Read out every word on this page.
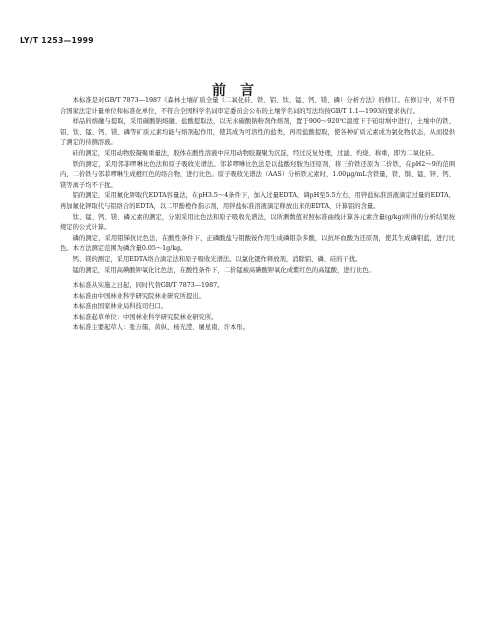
LY/T 1253—1999
前言

本标准是对GB/T 7873—1987《森林土壤矿质全量（二氧化硅、铁、铝、钛、锰、钙、镁、磷）分析方法》的修订。在修订中，对不符合国家法定计量单位和标准化单位，不符合全国科学名词审定委员会公布的土壤学名词的写法均按GB/T 1.1—1993的要求执行。

样品的熔融与提取，采用碳酸钠熔融、盐酸提取法，以无水碳酸钠粉剂作熔剂，置于900～920℃温度下于铂坩埚中进行，土壤中的铁、铝、钛、锰、钙、镁、磷等矿质元素均能与熔剂起作用，使其成为可溶性的盐类，再用盐酸提取，使各种矿质元素成为氯化物状态，从而提供了测定的待测溶液。

硅的测定，采用动物胶凝聚重量法，胶体在酸性溶液中应用动物胶凝聚为沉淀，经过反复处理，过滤、灼烧、称重，即为二氧化硅。

铁的测定，采用邻菲啰啉比色法和原子吸收光谱法。邻菲啰啉比色法是以盐酸羟胺为还原剂，将三价铁还原为二价铁，在pH2～9的范围内，二价铁与邻菲啰啉生成橙红色的络合物，进行比色。原子吸收光谱法（AAS）分析铁元素时，1.00μg/mL含铁量，铁、铜、锰、锌、钙、镁等离子均不干扰。

铝的测定，采用氟化钾取代EDTA容量法，在pH3.5～4条件下，加入过量EDTA，调pH至5.5左右，用锌盐标准溶液滴定过量的EDTA，再加氟化钾取代与铝络合的EDTA，以二甲酚橙作指示剂，用锌盐标准溶液滴定释放出来的EDTA，计算铝的含量。

钛、锰、钙、镁、磷元素的测定，分别采用比色法和原子吸收光谱法，以所测数值对照标准曲线计算各元素含量(g/kg)所得的分析结果按规定的公式计算。

磷的测定，采用钼锑抗比色法，在酸性条件下，正磷酸盐与钼酸铵作用生成磷钼杂多酸，以抗坏血酸为还原剂，使其生成磷钼蓝，进行比色。本方法测定范围为磷含量0.05～1g/kg。

钙、镁的测定，采用EDTA络合滴定法和原子吸收光谱法。以氯化锶作释放剂，消除铝、磷、硅的干扰。

锰的测定，采用高碘酸钾氧化比色法，在酸性条件下，二价锰被高碘酸钾氧化成紫红色的高锰酸，进行比色。

本标准从实施之日起，同时代替GB/T 7873—1987。

本标准由中国林业科学研究院林业研究所提出。

本标准由国家林业局科技司归口。

本标准起草单位：中国林业科学研究院林业研究所。

本标准主要起草人：张万儒、黄纵、杨光滢、屠星南、许本彤。
